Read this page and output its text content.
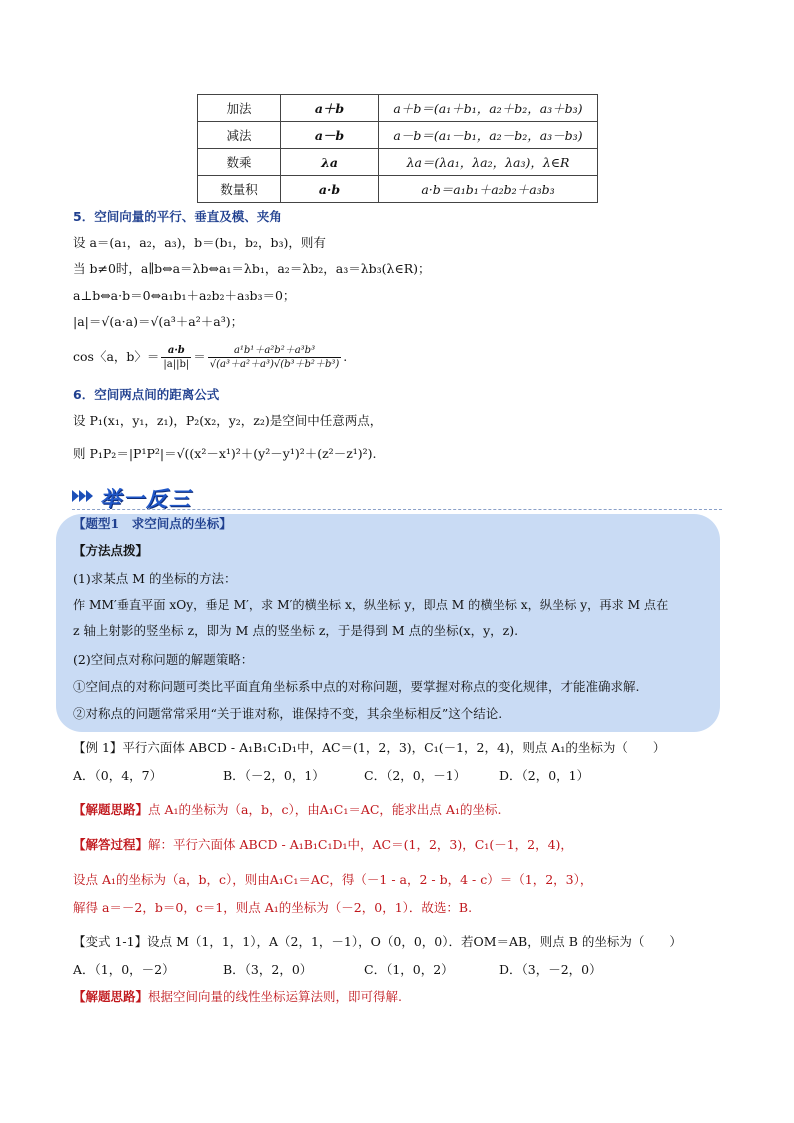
加法	a＋b	a＋b＝(a₁＋b₁，a₂＋b₂，a₃＋b₃)
减法	a－b	a－b＝(a₁－b₁，a₂－b₂，a₃－b₃)
数乘	λa	λa＝(λa₁，λa₂，λa₃)，λ∈R
数量积	a·b	a·b＝a₁b₁＋a₂b₂＋a₃b₃
5．空间向量的平行、垂直及模、夹角
设 a＝(a₁，a₂，a₃)，b＝(b₁，b₂，b₃)，则有
当 b≠0时，a∥b⇔a＝λb⇔a₁＝λb₁，a₂＝λb₂，a₃＝λb₃(λ∈R)；
a⊥b⇔a·b＝0⇔a₁b₁＋a₂b₂＋a₃b₃＝0；
|a|＝√(a·a)＝√(a³＋a²＋a³)；
cos〈a，b〉＝ $\frac{a\cdot b}{|a||b|} = \frac{\text{a¹b¹＋a²b²＋a³b³}}{\text{√(a³＋a²＋a³)√(b³＋b²＋b³)}}$ .
6．空间两点间的距离公式
设 P₁(x₁，y₁，z₁)，P₂(x₂，y₂，z₂)是空间中任意两点，
则 P₁P₂＝|P¹P²|＝√((x²－x¹)²＋(y²－y¹)²＋(z²－z¹)²).
举一反三
【题型1　求空间点的坐标】
【方法点拨】
(1)求某点 M 的坐标的方法：
作 MM′垂直平面 xOy，垂足 M′，求 M′的横坐标 x，纵坐标 y，即点 M 的横坐标 x，纵坐标 y，再求 M 点在
z 轴上射影的竖坐标 z，即为 M 点的竖坐标 z，于是得到 M 点的坐标(x，y，z).
(2)空间点对称问题的解题策略：
①空间点的对称问题可类比平面直角坐标系中点的对称问题，要掌握对称点的变化规律，才能准确求解.
②对称点的问题常常采用“关于谁对称，谁保持不变，其余坐标相反”这个结论.
【例 1】平行六面体 ABCD - A₁B₁C₁D₁中，AC＝(1，2，3)，C₁(－1，2，4)，则点 A₁的坐标为（　　）
A．（0，4，7）	B．（－2，0，1）	C．（2，0，－1）	D．（2，0，1）
【解题思路】点 A₁的坐标为（a，b，c），由A₁C₁＝AC，能求出点 A₁的坐标.
【解答过程】解：平行六面体 ABCD - A₁B₁C₁D₁中，AC＝(1，2，3)，C₁(－1，2，4)，
设点 A₁的坐标为（a，b，c），则由A₁C₁＝AC，得（－1 - a，2 - b，4 - c）＝（1，2，3），
解得 a＝－2，b＝0，c＝1，则点 A₁的坐标为（－2，0，1）．故选：B.
【变式 1-1】设点 M（1，1，1），A（2，1，－1），O（0，0，0）．若OM＝AB，则点 B 的坐标为（　　）
A．（1，0，－2）	B．（3，2，0）	C．（1，0，2）	D．（3，－2，0）
【解题思路】根据空间向量的线性坐标运算法则，即可得解.
